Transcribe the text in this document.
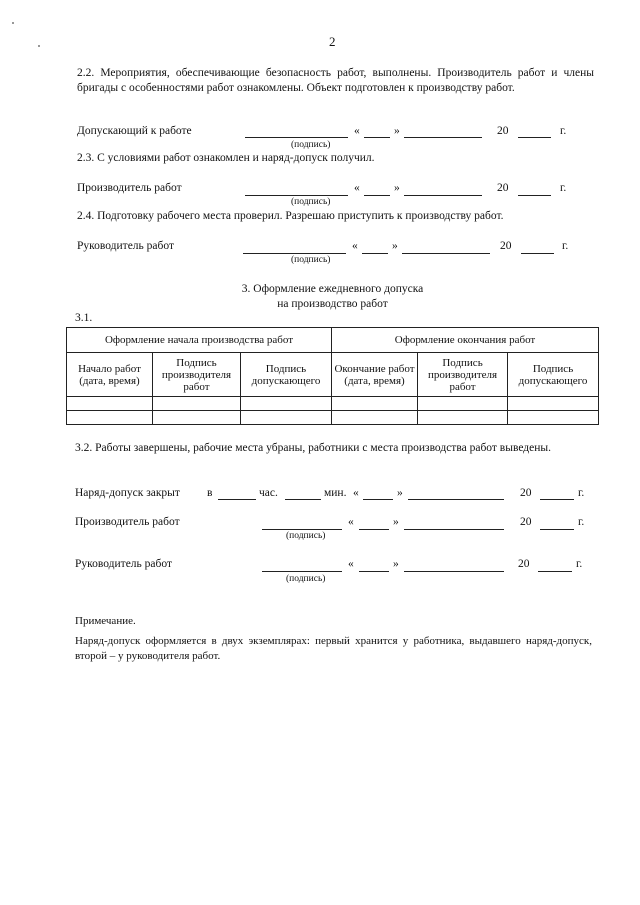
2
2.2. Мероприятия, обеспечивающие безопасность работ, выполнены. Производитель работ и члены бригады с особенностями работ ознакомлены. Объект подготовлен к производству работ.
Допускающий к работе	«	»	20	г.
(подпись)
2.3. С условиями работ ознакомлен и наряд-допуск получил.
Производитель работ	«	»	20	г.
(подпись)
2.4. Подготовку рабочего места проверил. Разрешаю приступить к производству работ.
Руководитель работ	«	»	20	г.
(подпись)
3. Оформление ежедневного допуска
на производство работ
3.1.
Оформление начала производства работ			Оформление окончания работ		
Начало работ (дата, время)	Подпись производителя работ	Подпись допускающего	Окончание работ (дата, время)	Подпись производителя работ	Подпись допускающего

3.2. Работы завершены, рабочие места убраны, работники с места производства работ выведены.
Наряд-допуск закрыт в	час.	мин. «	»	20	г.
Производитель работ	«	»	20	г.
(подпись)
Руководитель работ	«	»	20	г.
(подпись)
Примечание.
Наряд-допуск оформляется в двух экземплярах: первый хранится у работника, выдавшего наряд-допуск, второй – у руководителя работ.
